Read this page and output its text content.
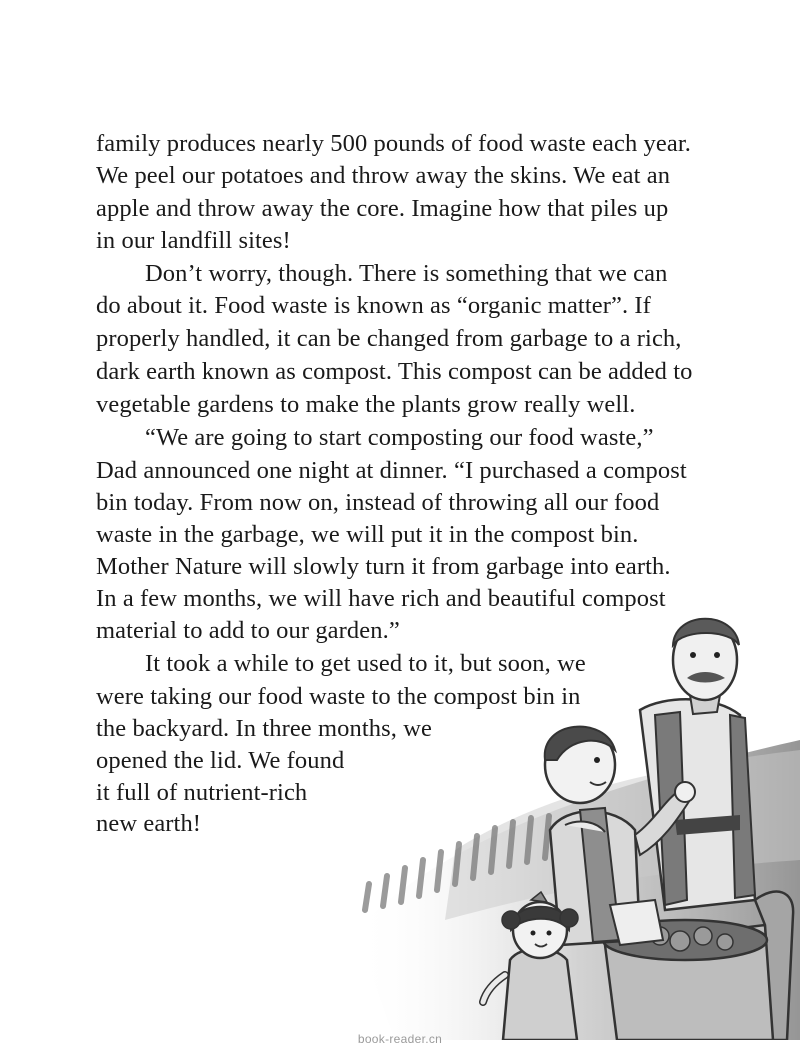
family produces nearly 500 pounds of food waste each year.

We peel our potatoes and throw away the skins. We eat an

apple and throw away the core. Imagine how that piles up

in our landfill sites!

Don’t worry, though. There is something that we can

do about it. Food waste is known as “organic matter”. If

properly handled, it can be changed from garbage to a rich,

dark earth known as compost. This compost can be added to

vegetable gardens to make the plants grow really well.

“We are going to start composting our food waste,”

Dad announced one night at dinner. “I purchased a compost

bin today. From now on, instead of throwing all our food

waste in the garbage, we will put it in the compost bin.

Mother Nature will slowly turn it from garbage into earth.

In a few months, we will have rich and beautiful compost

material to add to our garden.”

It took a while to get used to it, but soon, we

were taking our food waste to the compost bin in

the backyard. In three months, we

opened the lid. We found

it full of nutrient-rich

new earth!

book-reader.cn
